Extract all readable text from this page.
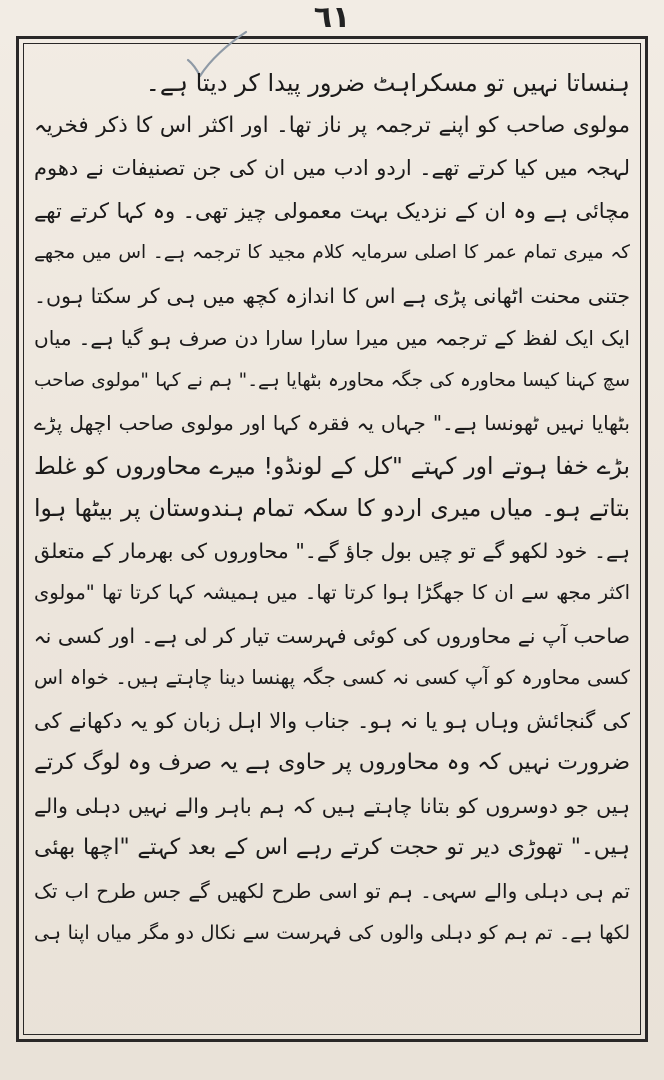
٦١
ہنساتا نہیں تو مسکراہٹ ضرور پیدا کر دیتا ہے۔
مولوی صاحب کو اپنے ترجمہ پر ناز تھا۔ اور اکثر اس کا ذکر فخریہ
لہجہ میں کیا کرتے تھے۔ اردو ادب میں ان کی جن تصنیفات نے دھوم
مچائی ہے وہ ان کے نزدیک بہت معمولی چیز تھی۔ وہ کہا کرتے تھے
کہ میری تمام عمر کا اصلی سرمایہ کلام مجید کا ترجمہ ہے۔ اس میں مجھے
جتنی محنت اٹھانی پڑی ہے اس کا اندازہ کچھ میں ہی کر سکتا ہوں۔
ایک ایک لفظ کے ترجمہ میں میرا سارا سارا دن صرف ہو گیا ہے۔ میاں
سچ کہنا کیسا محاورہ کی جگہ محاورہ بٹھایا ہے۔" ہم نے کہا "مولوی صاحب
بٹھایا نہیں ٹھونسا ہے۔" جہاں یہ فقرہ کہا اور مولوی صاحب اچھل پڑے
بڑے خفا ہوتے اور کہتے "کل کے لونڈو! میرے محاوروں کو غلط
بتاتے ہو۔ میاں میری اردو کا سکہ تمام ہندوستان پر بیٹھا ہوا
ہے۔ خود لکھو گے تو چیں بول جاؤ گے۔" محاوروں کی بھرمار کے متعلق
اکثر مجھ سے ان کا جھگڑا ہوا کرتا تھا۔ میں ہمیشہ کہا کرتا تھا "مولوی
صاحب آپ نے محاوروں کی کوئی فہرست تیار کر لی ہے۔ اور کسی نہ
کسی محاورہ کو آپ کسی نہ کسی جگہ پھنسا دینا چاہتے ہیں۔ خواہ اس
کی گنجائش وہاں ہو یا نہ ہو۔ جناب والا اہل زبان کو یہ دکھانے کی
ضرورت نہیں کہ وہ محاوروں پر حاوی ہے یہ صرف وہ لوگ کرتے
ہیں جو دوسروں کو بتانا چاہتے ہیں کہ ہم باہر والے نہیں دہلی والے
ہیں۔" تھوڑی دیر تو حجت کرتے رہے اس کے بعد کہتے "اچھا بھئی
تم ہی دہلی والے سہی۔ ہم تو اسی طرح لکھیں گے جس طرح اب تک
لکھا ہے۔ تم ہم کو دہلی والوں کی فہرست سے نکال دو مگر میاں اپنا ہی
